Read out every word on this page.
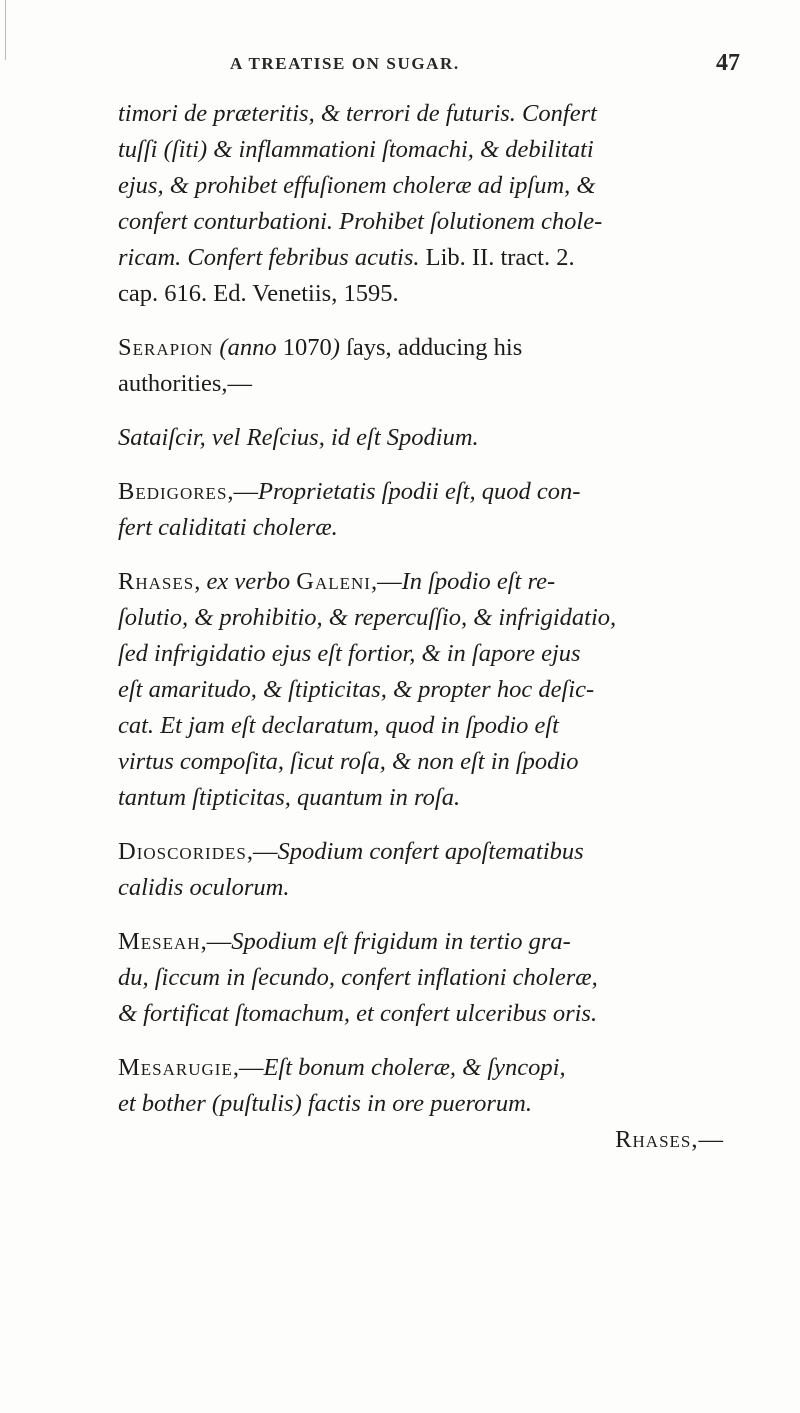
A TREATISE ON SUGAR.	47
timori de præteritis, & terrori de futuris. Confert
tuſſi (ſiti) & inflammationi ſtomachi, & debilitati
ejus, & prohibet effuſionem choleræ ad ipſum, &
confert conturbationi. Prohibet ſolutionem chole-
ricam. Confert febribus acutis. Lib. II. tract. 2.
cap. 616. Ed. Venetiis, 1595.
Serapion (anno 1070) ſays, adducing his
authorities,—
Sataiſcir, vel Reſcius, id eſt Spodium.
Bedigores,—Proprietatis ſpodii eſt, quod con-
fert caliditati choleræ.
Rhases, ex verbo Galeni,—In ſpodio eſt re-
ſolutio, & prohibitio, & repercuſſio, & infrigidatio,
ſed infrigidatio ejus eſt fortior, & in ſapore ejus
eſt amaritudo, & ſtipticitas, & propter hoc deſic-
cat. Et jam eſt declaratum, quod in ſpodio eſt
virtus compoſita, ſicut roſa, & non eſt in ſpodio
tantum ſtipticitas, quantum in roſa.
Dioscorides,—Spodium confert apoſtematibus
calidis oculorum.
Meseah,—Spodium eſt frigidum in tertio gra-
du, ſiccum in ſecundo, confert inflationi choleræ,
& fortificat ſtomachum, et confert ulceribus oris.
Mesarugie,—Eſt bonum choleræ, & ſyncopi,
et bother (puſtulis) factis in ore puerorum.
Rhases,—
